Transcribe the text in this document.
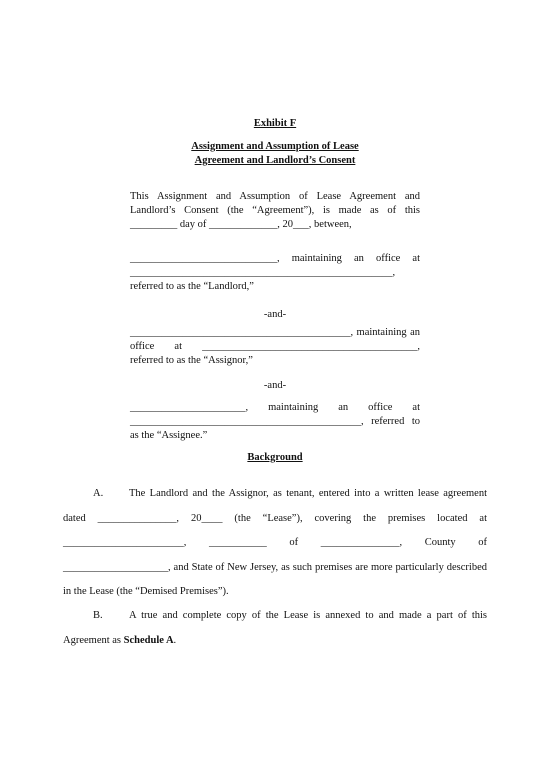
Exhibit F
Assignment and Assumption of Lease
Agreement and Landlord’s Consent
This Assignment and Assumption of Lease Agreement and Landlord’s Consent (the “Agreement”), is made as of this _________ day of _____________, 20___, between,
____________________________, maintaining an office at __________________________________________________, referred to as the “Landlord,”
-and-
__________________________________________, maintaining an office at _________________________________________, referred to as the “Assignor,”
-and-
______________________, maintaining an office at ____________________________________________, referred to as the “Assignee.”
Background
A. The Landlord and the Assignor, as tenant, entered into a written lease agreement dated _______________, 20____ (the “Lease”), covering the premises located at _______________________, ___________ of _______________, County of ____________________, and State of New Jersey, as such premises are more particularly described in the Lease (the “Demised Premises”).
B.	A true and complete copy of the Lease is annexed to and made a part of this Agreement as Schedule A.
